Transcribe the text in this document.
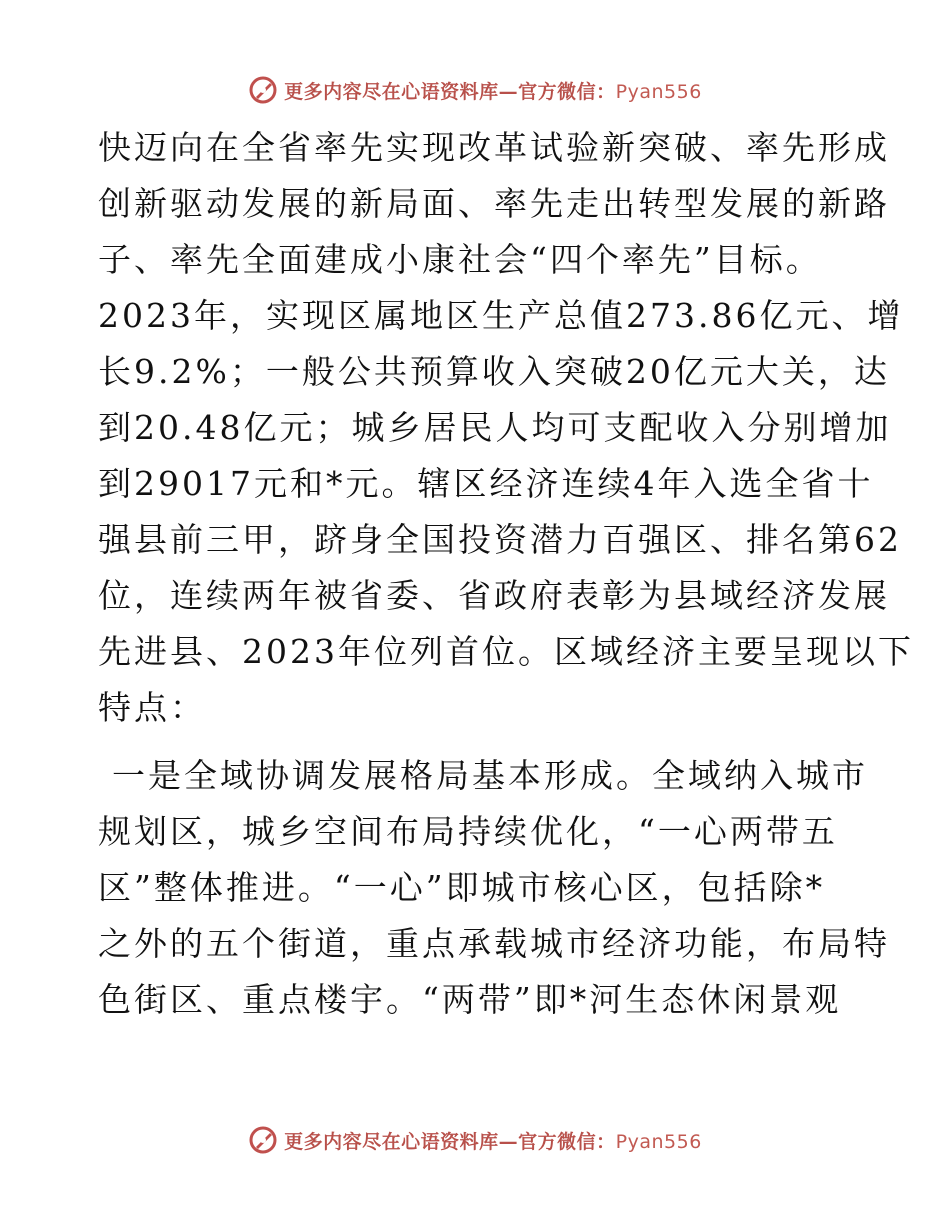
更多内容尽在心语资料库—官方微信：Pyan556
快迈向在全省率先实现改革试验新突破、率先形成
创新驱动发展的新局面、率先走出转型发展的新路
子、率先全面建成小康社会“四个率先”目标。
2023年，实现区属地区生产总值273.86亿元、增
长9.2%；一般公共预算收入突破20亿元大关，达
到20.48亿元；城乡居民人均可支配收入分别增加
到29017元和*元。辖区经济连续4年入选全省十
强县前三甲，跻身全国投资潜力百强区、排名第62
位，连续两年被省委、省政府表彰为县域经济发展
先进县、2023年位列首位。区域经济主要呈现以下
特点：
一是全域协调发展格局基本形成。全域纳入城市
规划区，城乡空间布局持续优化，“一心两带五
区”整体推进。“一心”即城市核心区，包括除*
之外的五个街道，重点承载城市经济功能，布局特
色街区、重点楼宇。“两带”即*河生态休闲景观
更多内容尽在心语资料库—官方微信：Pyan556
